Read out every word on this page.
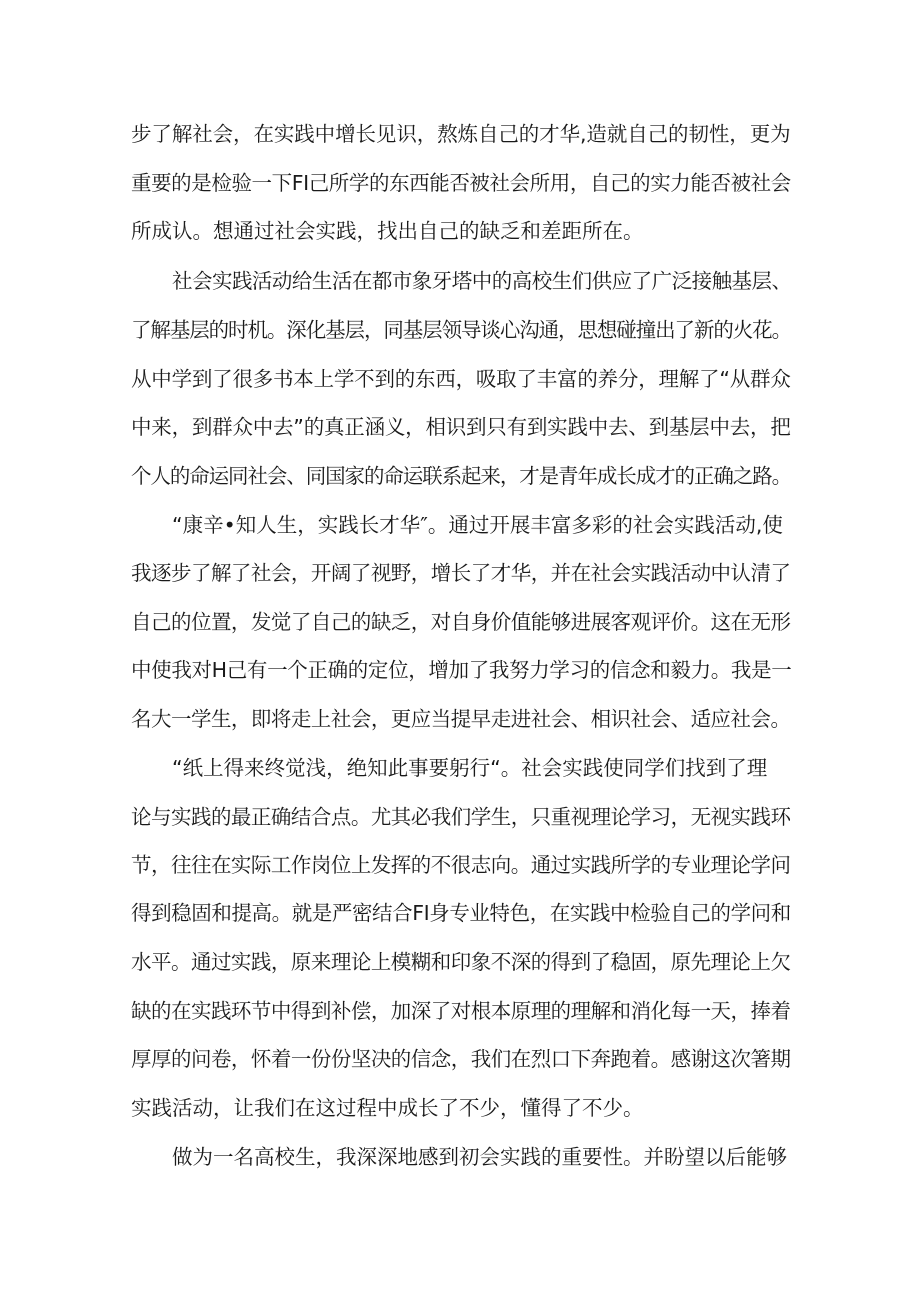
步了解社会，在实践中增长见识，熬炼自己的才华,造就自己的韧性，更为

重要的是检验一下FI己所学的东西能否被社会所用，自己的实力能否被社会

所成认。想通过社会实践，找出自己的缺乏和差距所在。

社会实践活动给生活在都市象牙塔中的高校生们供应了广泛接触基层、

了解基层的时机。深化基层，同基层领导谈心沟通，思想碰撞出了新的火花。

从中学到了很多书本上学不到的东西，吸取了丰富的养分，理解了“从群众

中来，到群众中去”的真正涵义，相识到只有到实践中去、到基层中去，把

个人的命运同社会、同国家的命运联系起来，才是青年成长成才的正确之路。

“康辛•知人生，实践长才华″。通过开展丰富多彩的社会实践活动,使

我逐步了解了社会，开阔了视野，增长了才华，并在社会实践活动中认清了

自己的位置，发觉了自己的缺乏，对自身价值能够进展客观评价。这在无形

中使我对H己有一个正确的定位，增加了我努力学习的信念和毅力。我是一

名大一学生，即将走上社会，更应当提早走进社会、相识社会、适应社会。

“纸上得来终觉浅，绝知此事要躬行“。社会实践使同学们找到了理

论与实践的最正确结合点。尤其必我们学生，只重视理论学习，无视实践环

节，往往在实际工作岗位上发挥的不很志向。通过实践所学的专业理论学问

得到稳固和提高。就是严密结合FI身专业特色，在实践中检验自己的学问和

水平。通过实践，原来理论上模糊和印象不深的得到了稳固，原先理论上欠

缺的在实践环节中得到补偿，加深了对根本原理的理解和消化每一天，捧着

厚厚的问卷，怀着一份份坚决的信念，我们在烈口下奔跑着。感谢这次箸期

实践活动，让我们在这过程中成长了不少，懂得了不少。

做为一名高校生，我深深地感到初会实践的重要性。并盼望以后能够
